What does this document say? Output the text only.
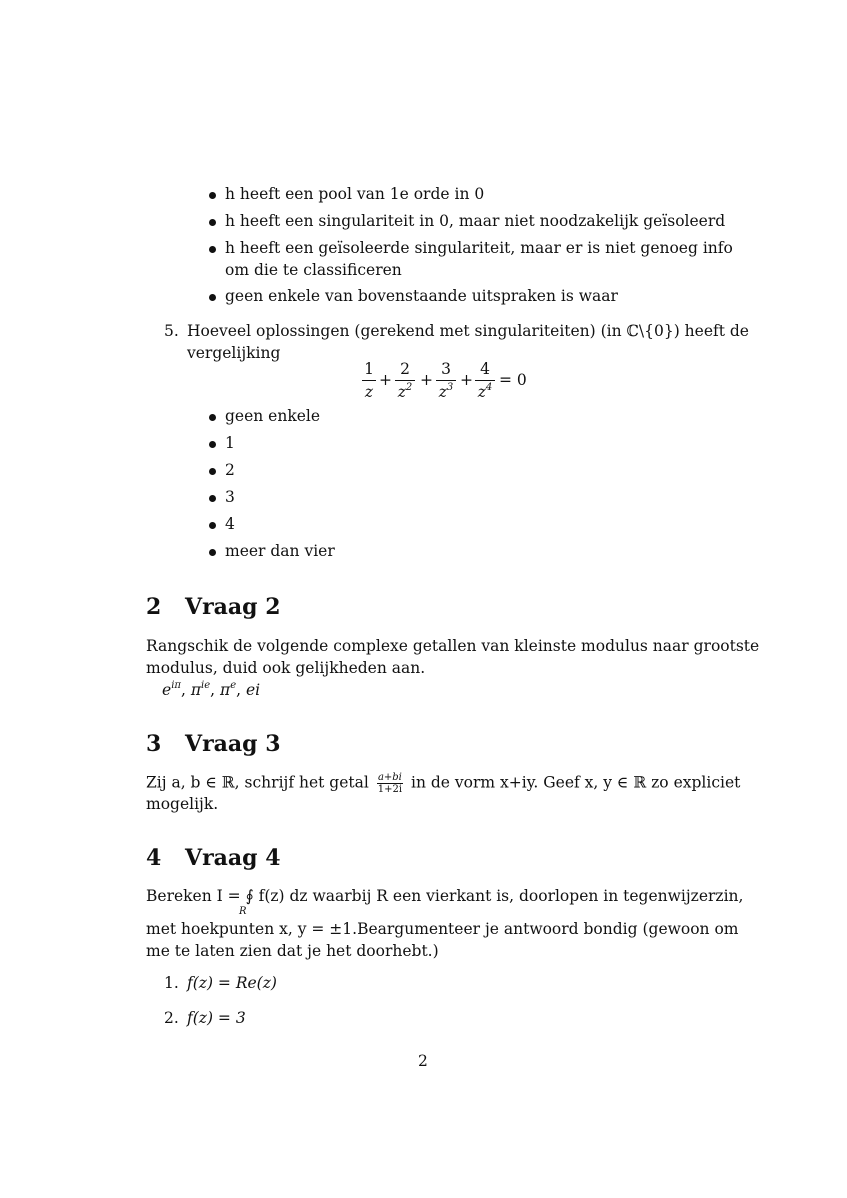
h heeft een pool van 1e orde in 0
h heeft een singulariteit in 0, maar niet noodzakelijk geïsoleerd
h heeft een geïsoleerde singulariteit, maar er is niet genoeg info
om die te classificeren
geen enkele van bovenstaande uitspraken is waar
5. Hoeveel oplossingen (gerekend met singulariteiten) (in ℂ\{0}) heeft de
vergelijking
1
z
+
2
$z^2$ +
3
$z^3$ +
4
$z^4 = 0$
geen enkele
1
2
3
4
meer dan vier
2 Vraag 2
Rangschik de volgende complexe getallen van kleinste modulus naar grootste
modulus, duid ook gelijkheden aan.
$e^{i\pi}$, $\pi^{ie}$, $\pi^e$, ei
3 Vraag 3
Zij a, b ∈ ℝ, schrijf het getal $\frac{a+bi}{1+2i}$ in de vorm x+iy. Geef x, y ∈ ℝ zo expliciet
mogelijk.
4 Vraag 4
Bereken I = ∮ f(z) dz waarbij R een vierkant is, doorlopen in tegenwijzerzin,
R
met hoekpunten x, y = ±1.Beargumenteer je antwoord bondig (gewoon om
me te laten zien dat je het doorhebt.)
1. f(z) = Re(z)
2. f(z) = 3
2
